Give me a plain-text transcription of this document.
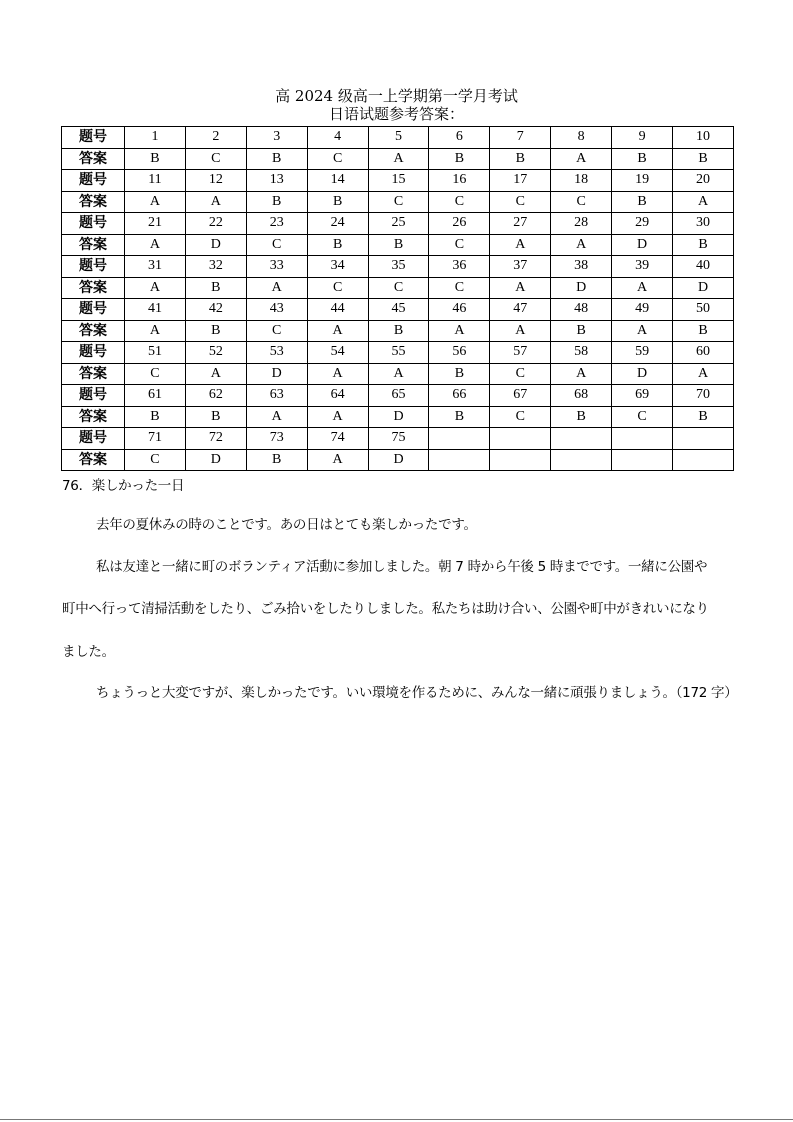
高 2024 级高一上学期第一学月考试
日语试题参考答案：
题号	1	2	3	4	5	6	7	8	9	10
答案	B	C	B	C	A	B	B	A	B	B
题号	11	12	13	14	15	16	17	18	19	20
答案	A	A	B	B	C	C	C	C	B	A
题号	21	22	23	24	25	26	27	28	29	30
答案	A	D	C	B	B	C	A	A	D	B
题号	31	32	33	34	35	36	37	38	39	40
答案	A	B	A	C	C	C	A	D	A	D
题号	41	42	43	44	45	46	47	48	49	50
答案	A	B	C	A	B	A	A	B	A	B
题号	51	52	53	54	55	56	57	58	59	60
答案	C	A	D	A	A	B	C	A	D	A
题号	61	62	63	64	65	66	67	68	69	70
答案	B	B	A	A	D	B	C	B	C	B
题号	71	72	73	74	75					
答案	C	D	B	A	D					
76．楽しかった一日
去年の夏休みの時のことです。あの日はとても楽しかったです。
私は友達と一緒に町のボランティア活動に参加しました。朝 7 時から午後 5 時までです。一緒に公園や
町中へ行って清掃活動をしたり、ごみ拾いをしたりしました。私たちは助け合い、公園や町中がきれいになり
ました。
ちょうっと大変ですが、楽しかったです。いい環境を作るために、みんな一緒に頑張りましょう。（172 字）
